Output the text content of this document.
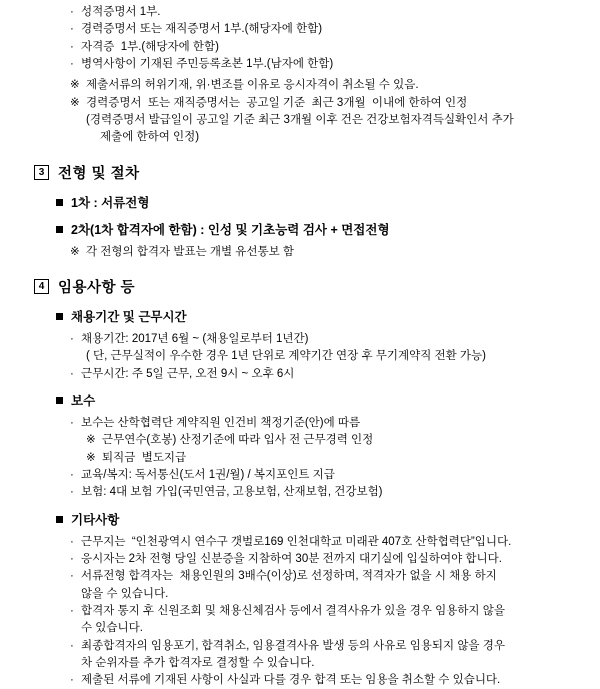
· 성적증명서 1부.
· 경력증명서 또는 재직증명서 1부.(해당자에 한함)
· 자격증  1부.(해당자에 한함)
· 병역사항이 기재된 주민등록초본 1부.(남자에 한함)
※ 제출서류의 허위기재, 위·변조를 이유로 응시자격이 취소될 수 있음.
※ 경력증명서  또는 재직증명서는  공고일 기준  최근 3개월  이내에 한하여 인정
(경력증명서 발급일이 공고일 기준 최근 3개월 이후 건은 건강보험자격득실확인서 추가
제출에 한하여 인정)
3 전형 및 절차
1차 : 서류전형
2차(1차 합격자에 한함) : 인성 및 기초능력 검사 + 면접전형
※ 각 전형의 합격자 발표는 개별 유선통보 함
4 임용사항 등
채용기간 및 근무시간
· 채용기간: 2017년 6월 ~ (채용일로부터 1년간)
( 단, 근무실적이 우수한 경우 1년 단위로 계약기간 연장 후 무기계약직 전환 가능)
· 근무시간: 주 5일 근무, 오전 9시 ~ 오후 6시
보수
· 보수는 산학협력단 계약직원 인건비 책정기준(안)에 따름
※ 근무연수(호봉) 산정기준에 따라 입사 전 근무경력 인정
※ 퇴직금  별도지급
· 교육/복지: 독서통신(도서 1권/월) / 복지포인트 지급
· 보험: 4대 보험 가입(국민연금, 고용보험, 산재보험, 건강보험)
기타사항
· 근무지는  “인천광역시 연수구 갯벌로169 인천대학교 미래관 407호 산학협력단”입니다.
· 응시자는 2차 전형 당일 신분증을 지참하여 30분 전까지 대기실에 입실하여야 합니다.
· 서류전형 합격자는  채용인원의 3배수(이상)로 선정하며, 적격자가 없을 시 채용 하지
않을 수 있습니다.
· 합격자 통지 후 신원조회 및 채용신체검사 등에서 결격사유가 있을 경우 임용하지 않을
수 있습니다.
· 최종합격자의 임용포기, 합격취소, 임용결격사유 발생 등의 사유로 임용되지 않을 경우
차 순위자를 추가 합격자로 결정할 수 있습니다.
· 제출된 서류에 기재된 사항이 사실과 다를 경우 합격 또는 임용을 취소할 수 있습니다.
